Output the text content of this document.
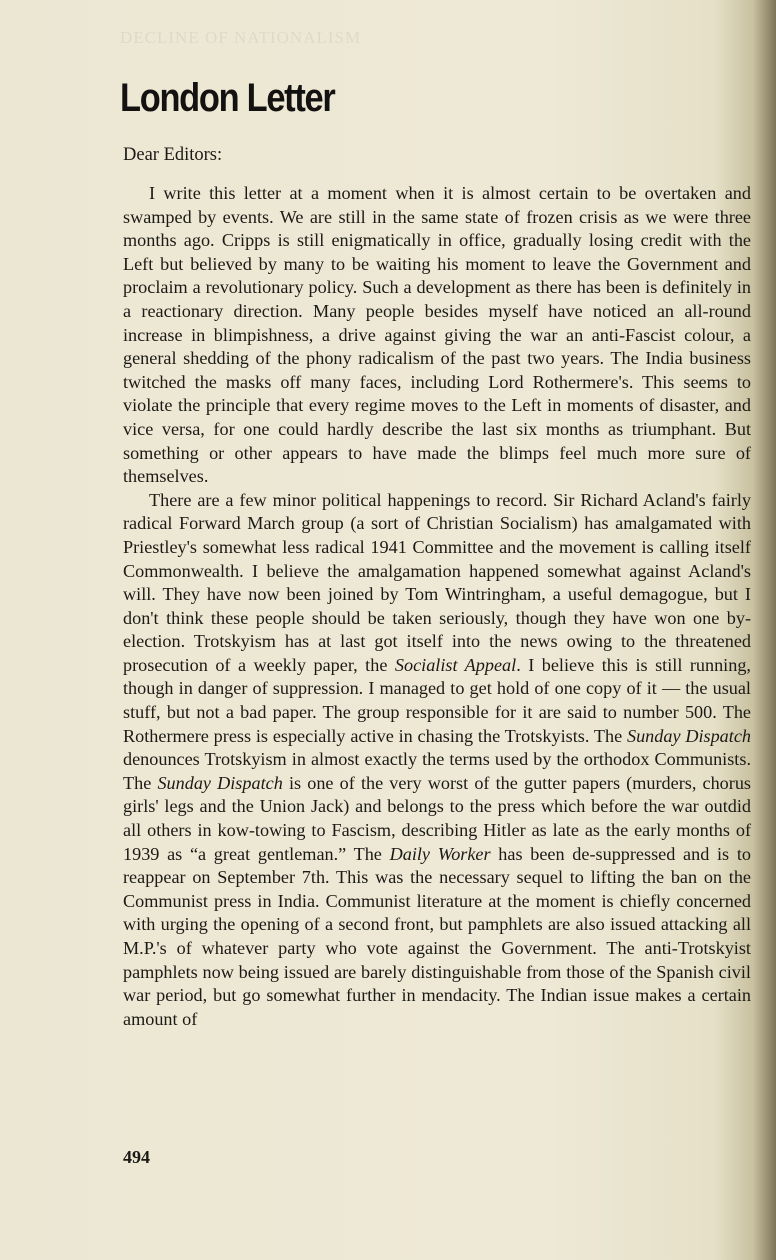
DECLINE OF NATIONALISM
London Letter
Dear Editors:

I write this letter at a moment when it is almost certain to be overtaken and swamped by events. We are still in the same state of frozen crisis as we were three months ago. Cripps is still enigmatically in office, gradually losing credit with the Left but believed by many to be waiting his moment to leave the Government and proclaim a revolutionary policy. Such a development as there has been is definitely in a reactionary direction. Many people besides myself have noticed an all-round increase in blimpishness, a drive against giving the war an anti-Fascist colour, a general shedding of the phony radicalism of the past two years. The India business twitched the masks off many faces, including Lord Rothermere's. This seems to violate the principle that every regime moves to the Left in moments of disaster, and vice versa, for one could hardly describe the last six months as triumphant. But something or other appears to have made the blimps feel much more sure of themselves.

There are a few minor political happenings to record. Sir Richard Acland's fairly radical Forward March group (a sort of Christian Socialism) has amalgamated with Priestley's somewhat less radical 1941 Committee and the movement is calling itself Commonwealth. I believe the amalgamation happened somewhat against Acland's will. They have now been joined by Tom Wintringham, a useful demagogue, but I don't think these people should be taken seriously, though they have won one by-election. Trotskyism has at last got itself into the news owing to the threatened prosecution of a weekly paper, the Socialist Appeal. I believe this is still running, though in danger of suppression. I managed to get hold of one copy of it — the usual stuff, but not a bad paper. The group responsible for it are said to number 500. The Rothermere press is especially active in chasing the Trotskyists. The Sunday Dispatch denounces Trotskyism in almost exactly the terms used by the orthodox Communists. The Sunday Dispatch is one of the very worst of the gutter papers (murders, chorus girls' legs and the Union Jack) and belongs to the press which before the war outdid all others in kow-towing to Fascism, describing Hitler as late as the early months of 1939 as “a great gentleman.” The Daily Worker has been de-suppressed and is to reappear on September 7th. This was the necessary sequel to lifting the ban on the Communist press in India. Communist literature at the moment is chiefly concerned with urging the opening of a second front, but pamphlets are also issued attacking all M.P.'s of whatever party who vote against the Government. The anti-Trotskyist pamphlets now being issued are barely distinguishable from those of the Spanish civil war period, but go somewhat further in mendacity. The Indian issue makes a certain amount of

494
